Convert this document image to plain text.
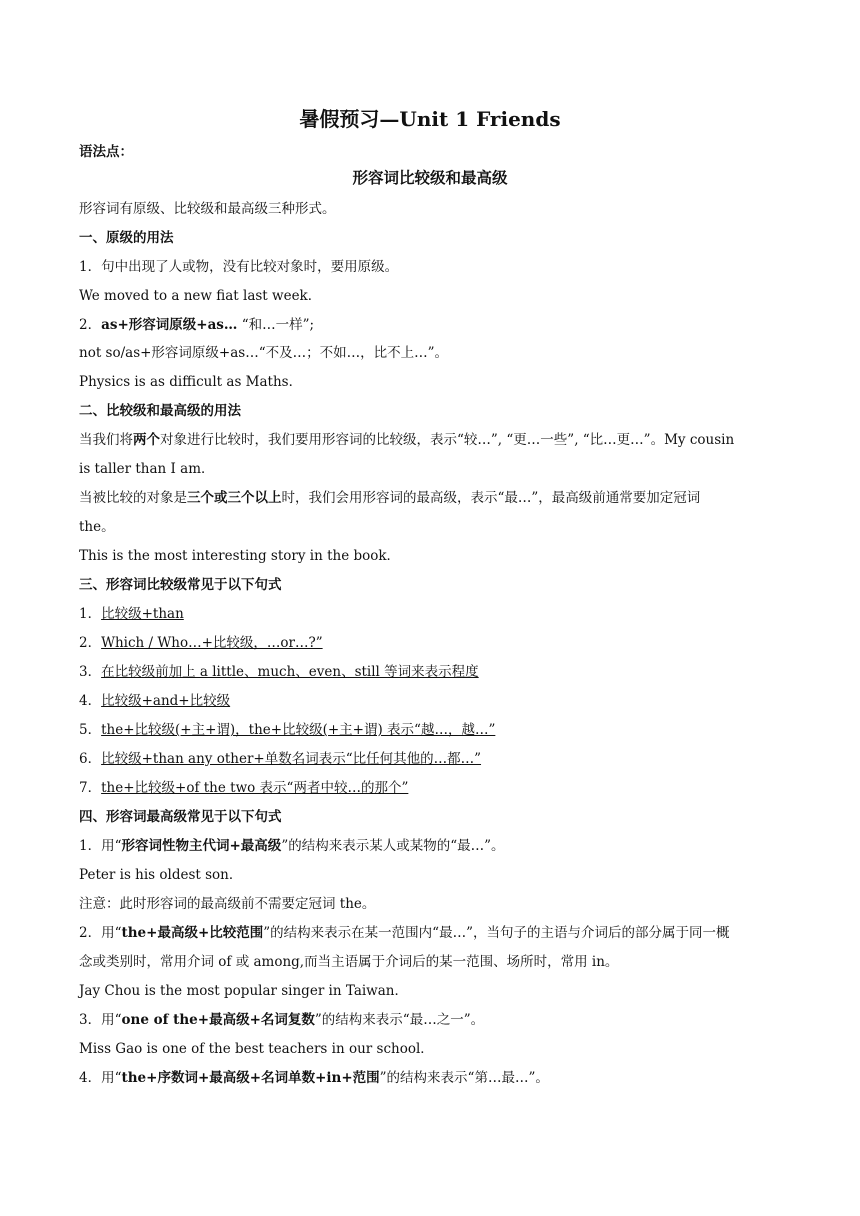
暑假预习—Unit 1 Friends
语法点：
形容词比较级和最高级
形容词有原级、比较级和最高级三种形式。
一、原级的用法
1．句中出现了人或物，没有比较对象时，要用原级。
We moved to a new fiat last week．
2．as+形容词原级+as… “和…一样”;
not so/as+形容词原级+as…“不及…；不如…，比不上…”。
Physics is as difficult as Maths．
二、比较级和最高级的用法
当我们将两个对象进行比较时，我们要用形容词的比较级，表示“较…”, “更…一些”, “比…更…”。My cousin
is taller than I am．
当被比较的对象是三个或三个以上时，我们会用形容词的最高级，表示“最…”，最高级前通常要加定冠词
the。
This is the most interesting story in the book．
三、形容词比较级常见于以下句式
1．比较级+than
2．Which / Who…+比较级，…or…?”
3．在比较级前加上 a little、much、even、still 等词来表示程度
4．比较级+and+比较级
5．the+比较级(+主+谓)，the+比较级(+主+谓) 表示“越…，越…”
6．比较级+than any other+单数名词表示“比任何其他的…都…”
7．the+比较级+of the two 表示“两者中较…的那个”
四、形容词最高级常见于以下句式
1．用“形容词性物主代词+最高级”的结构来表示某人或某物的“最…”。
Peter is his oldest son．
注意：此时形容词的最高级前不需要定冠词 the。
2．用“the+最高级+比较范围”的结构来表示在某一范围内“最…”，当句子的主语与介词后的部分属于同一概
念或类别时，常用介词 of 或 among,而当主语属于介词后的某一范围、场所时，常用 in。
Jay Chou is the most popular singer in Taiwan．
3．用“one of the+最高级+名词复数”的结构来表示“最…之一”。
Miss Gao is one of the best teachers in our school．
4．用“the+序数词+最高级+名词单数+in+范围”的结构来表示“第…最…”。
